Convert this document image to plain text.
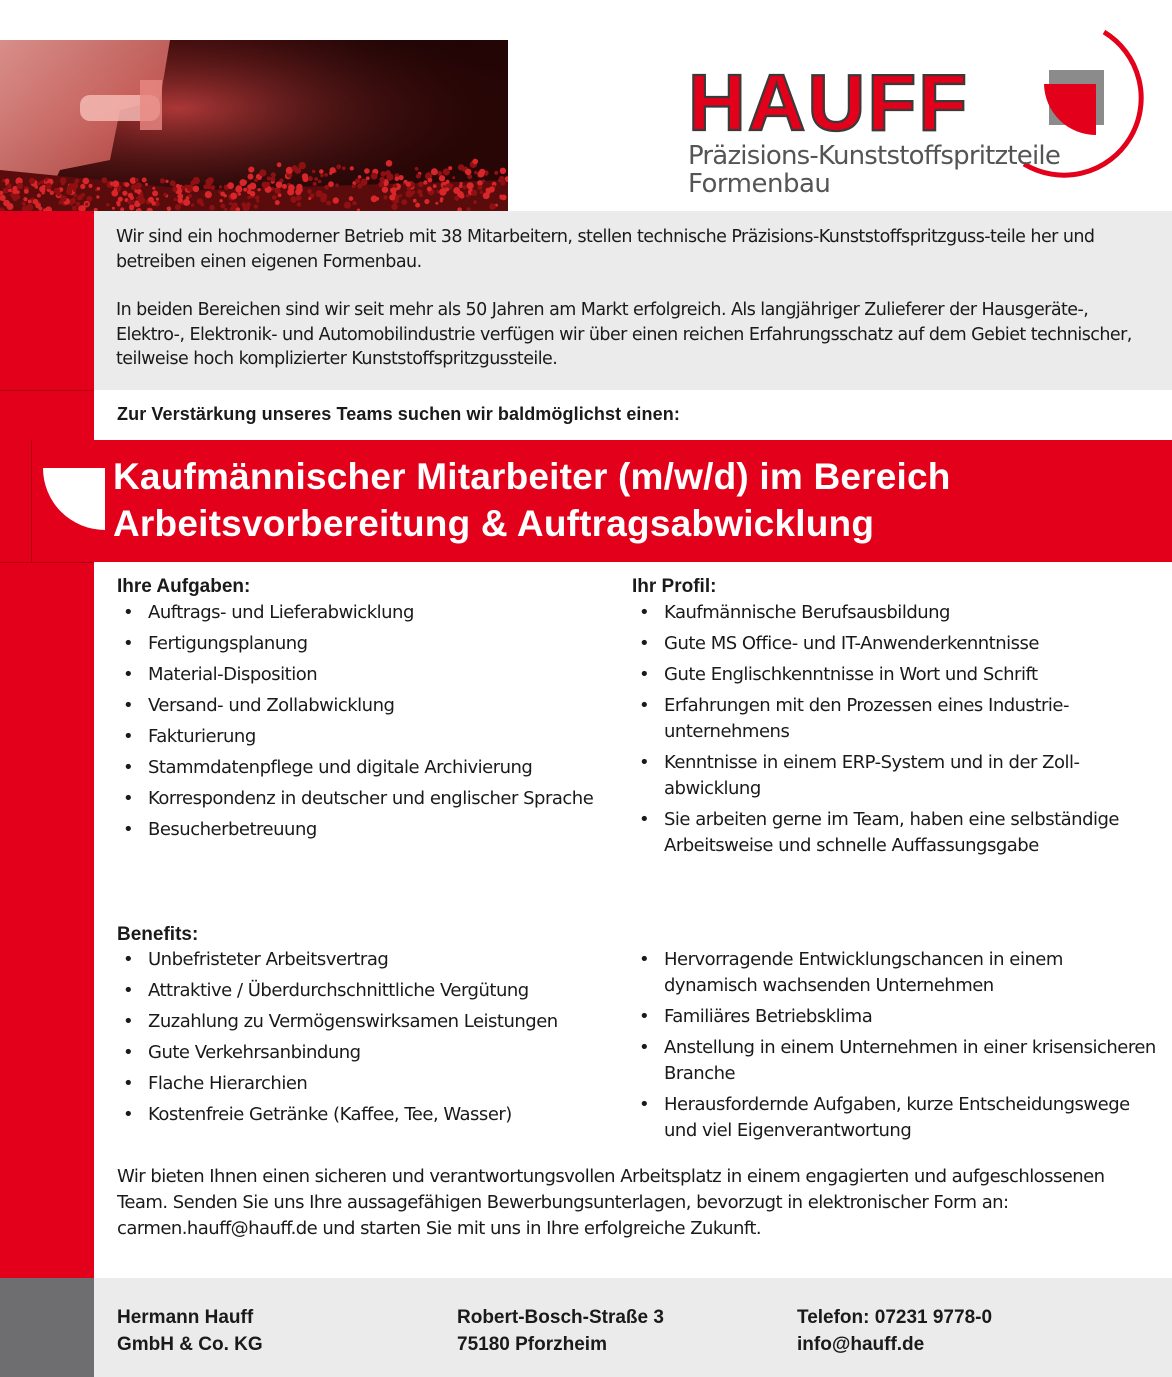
HAUFF
Präzisions-Kunststoffspritzteile
Formenbau

Wir sind ein hochmoderner Betrieb mit 38 Mitarbeitern, stellen technische Präzisions-Kunststoffspritzguss-teile her und betreiben einen eigenen Formenbau.

In beiden Bereichen sind wir seit mehr als 50 Jahren am Markt erfolgreich. Als langjähriger Zulieferer der Hausgeräte-, Elektro-, Elektronik- und Automobilindustrie verfügen wir über einen reichen Erfahrungsschatz auf dem Gebiet technischer, teilweise hoch komplizierter Kunststoffspritzgussteile.

Zur Verstärkung unseres Teams suchen wir baldmöglichst einen:
Kaufmännischer Mitarbeiter (m/w/d) im Bereich
Arbeitsvorbereitung & Auftragsabwicklung
Ihre Aufgaben:
• Auftrags- und Lieferabwicklung
• Fertigungsplanung
• Material-Disposition
• Versand- und Zollabwicklung
• Fakturierung
• Stammdatenpflege und digitale Archivierung
• Korrespondenz in deutscher und englischer Sprache
• Besucherbetreuung
Ihr Profil:
• Kaufmännische Berufsausbildung
• Gute MS Office- und IT-Anwenderkenntnisse
• Gute Englischkenntnisse in Wort und Schrift
• Erfahrungen mit den Prozessen eines Industrie-unternehmens
• Kenntnisse in einem ERP-System und in der Zoll-abwicklung
• Sie arbeiten gerne im Team, haben eine selbständige Arbeitsweise und schnelle Auffassungsgabe
Benefits:
• Unbefristeter Arbeitsvertrag
• Attraktive / Überdurchschnittliche Vergütung
• Zuzahlung zu Vermögenswirksamen Leistungen
• Gute Verkehrsanbindung
• Flache Hierarchien
• Kostenfreie Getränke (Kaffee, Tee, Wasser)
• Hervorragende Entwicklungschancen in einem dynamisch wachsenden Unternehmen
• Familiäres Betriebsklima
• Anstellung in einem Unternehmen in einer krisensicheren Branche
• Herausfordernde Aufgaben, kurze Entscheidungswege und viel Eigenverantwortung
Wir bieten Ihnen einen sicheren und verantwortungsvollen Arbeitsplatz in einem engagierten und aufgeschlossenen Team. Senden Sie uns Ihre aussagefähigen Bewerbungsunterlagen, bevorzugt in elektronischer Form an: carmen.hauff@hauff.de und starten Sie mit uns in Ihre erfolgreiche Zukunft.
Hermann Hauff
GmbH & Co. KG
Robert-Bosch-Straße 3
75180 Pforzheim
Telefon: 07231 9778-0
info@hauff.de
